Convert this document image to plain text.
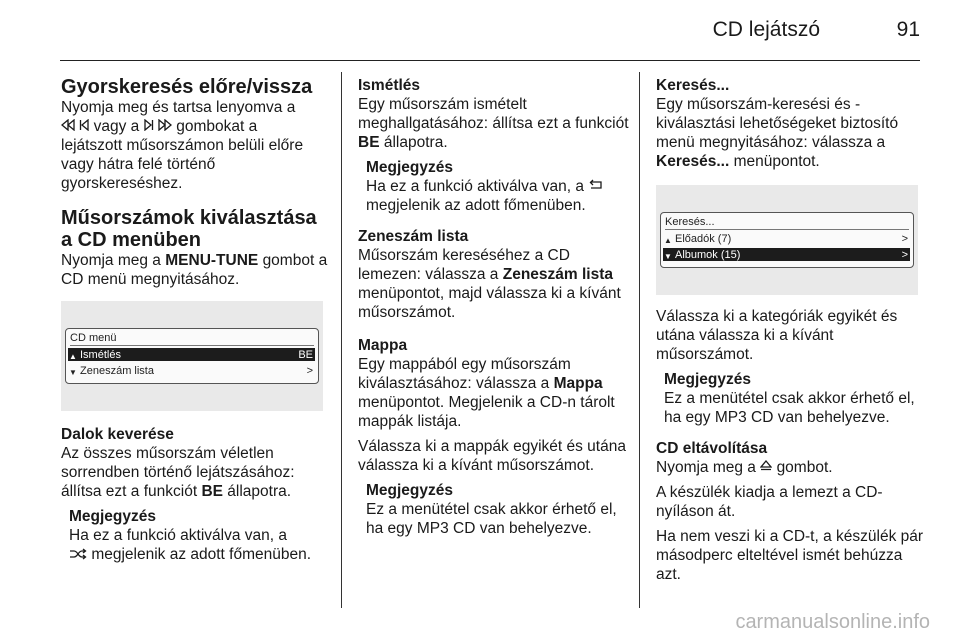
CD lejátszó	91
Gyorskeresés előre/vissza

Nyomja meg és tartsa lenyomva a
vagy a gombokat a
lejátszott műsorszámon belüli előre vagy hátra felé történő gyorskereséshez.

Műsorszámok kiválasztása a CD menüben

Nyomja meg a MENU-TUNE gombot a CD menü megnyitásához.

CD menü
▲ Ismétlés	BE
▼ Zeneszám lista	>
Dalok keverése

Az összes műsorszám véletlen sorrendben történő lejátszásához: állítsa ezt a funkciót BE állapotra.

Megjegyzés

Ha ez a funkció aktiválva van, a
megjelenik az adott főmenüben.

Ismétlés

Egy műsorszám ismételt meghallgatásához: állítsa ezt a funkciót BE állapotra.

Megjegyzés

Ha ez a funkció aktiválva van, a
megjelenik az adott főmenüben.

Zeneszám lista

Műsorszám kereséséhez a CD lemezen: válassza a Zeneszám lista menüpontot, majd válassza ki a kívánt műsorszámot.

Mappa

Egy mappából egy műsorszám kiválasztásához: válassza a Mappa menüpontot. Megjelenik a CD-n tárolt mappák listája.

Válassza ki a mappák egyikét és utána válassza ki a kívánt műsorszámot.

Megjegyzés

Ez a menütétel csak akkor érhető el, ha egy MP3 CD van behelyezve.

Keresés...

Egy műsorszám-keresési és -kiválasztási lehetőségeket biztosító menü megnyitásához: válassza a Keresés... menüpontot.

Keresés...
▲ Előadók (7)	>
▼ Albumok (15)	>

Válassza ki a kategóriák egyikét és utána válassza ki a kívánt műsorszámot.

Megjegyzés

Ez a menütétel csak akkor érhető el, ha egy MP3 CD van behelyezve.

CD eltávolítása

Nyomja meg a gombot.

A készülék kiadja a lemezt a CD-nyíláson át.

Ha nem veszi ki a CD-t, a készülék pár másodperc elteltével ismét behúzza azt.

carmanualsonline.info
